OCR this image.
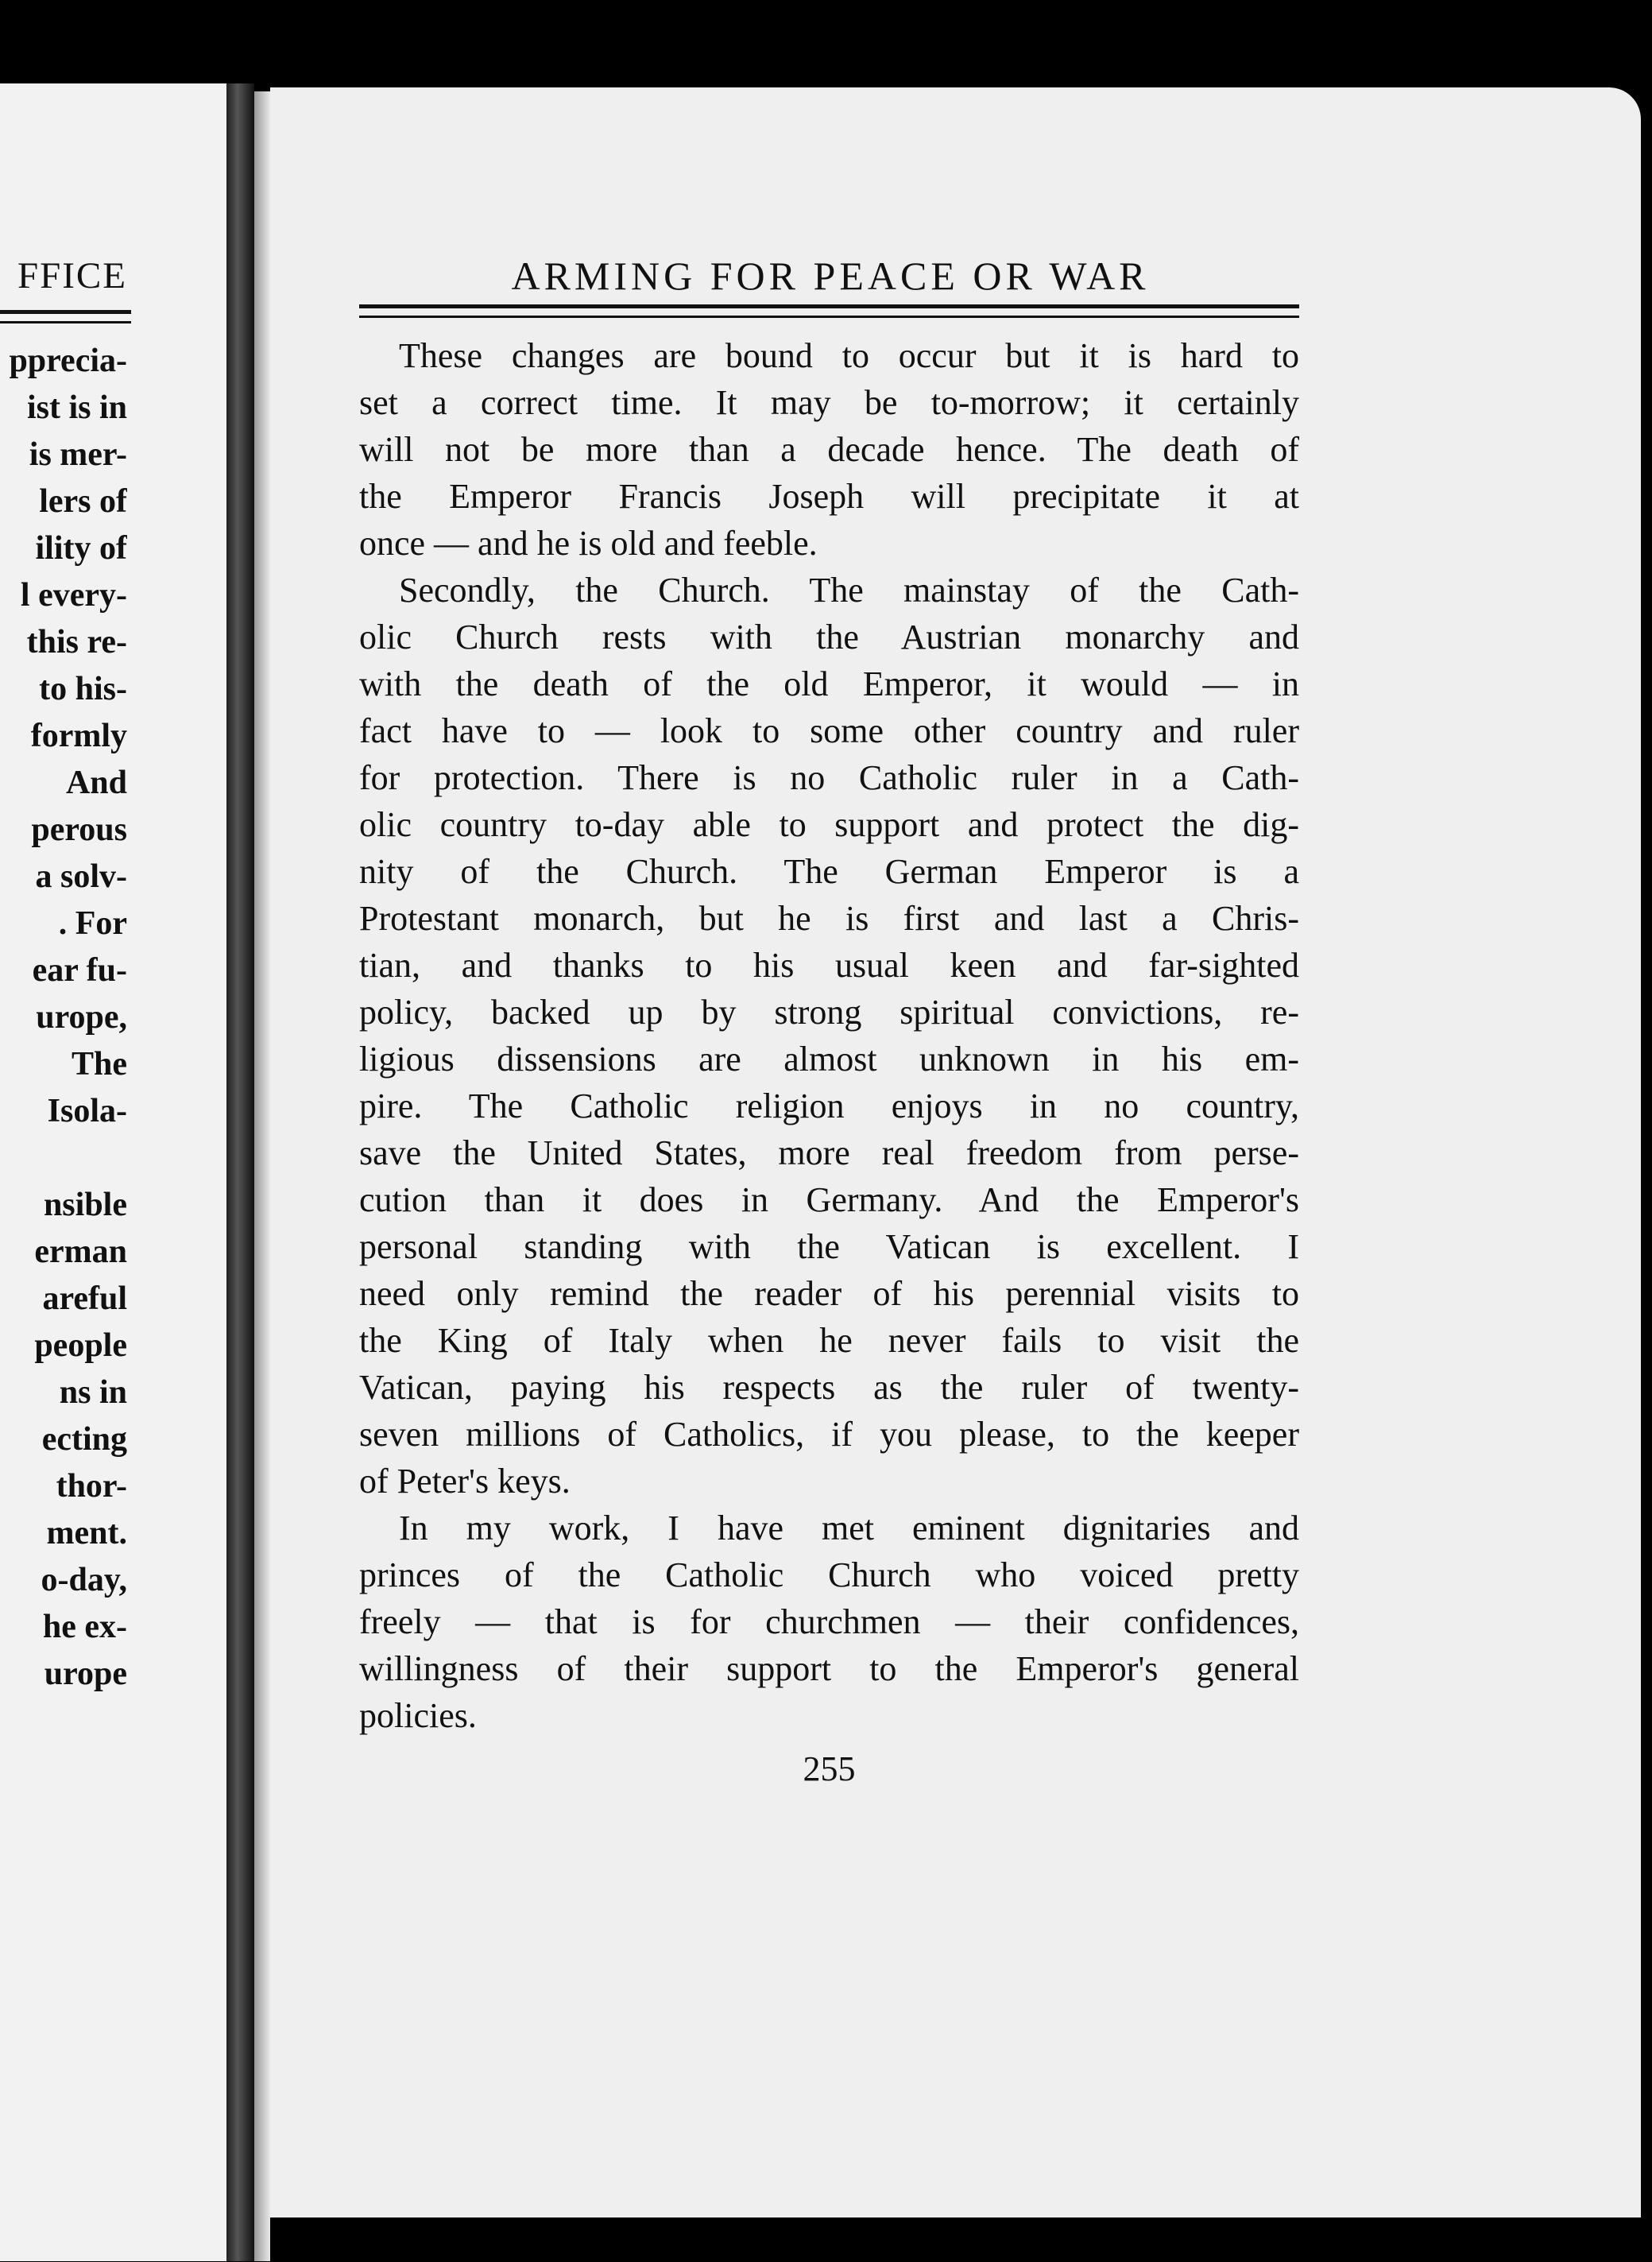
FFICE
ppreciа-
ist is in
is mer-
lers of
ility of
l every-
this re-
to his-
formly
And
perous
a solv-
. For
ear fu-
urope,
The
Isola-
nsible
erman
areful
people
ns in
ecting
thor-
ment.
o-day,
he ex-
urope
ARMING FOR PEACE OR WAR
These changes are bound to occur but it is hard to
set a correct time. It may be to-morrow; it certainly
will not be more than a decade hence. The death of
the Emperor Francis Joseph will precipitate it at
once — and he is old and feeble.
Secondly, the Church. The mainstay of the Cath-
olic Church rests with the Austrian monarchy and
with the death of the old Emperor, it would — in
fact have to — look to some other country and ruler
for protection. There is no Catholic ruler in a Cath-
olic country to-day able to support and protect the dig-
nity of the Church. The German Emperor is a
Protestant monarch, but he is first and last a Chris-
tian, and thanks to his usual keen and far-sighted
policy, backed up by strong spiritual convictions, re-
ligious dissensions are almost unknown in his em-
pire. The Catholic religion enjoys in no country,
save the United States, more real freedom from perse-
cution than it does in Germany. And the Emperor's
personal standing with the Vatican is excellent. I
need only remind the reader of his perennial visits to
the King of Italy when he never fails to visit the
Vatican, paying his respects as the ruler of twenty-
seven millions of Catholics, if you please, to the keeper
of Peter's keys.
In my work, I have met eminent dignitaries and
princes of the Catholic Church who voiced pretty
freely — that is for churchmen — their confidences,
willingness of their support to the Emperor's general
policies.
255
